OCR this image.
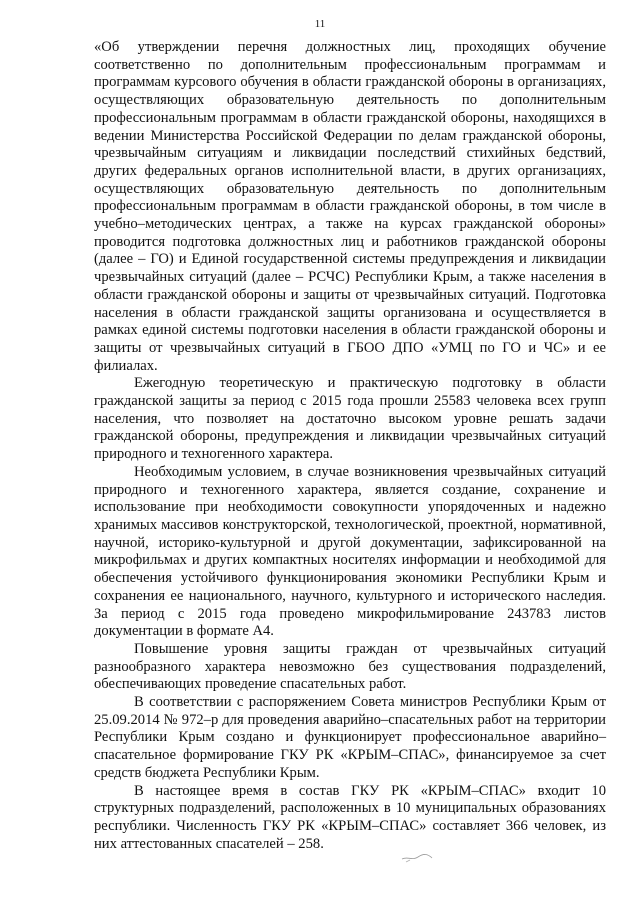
11

«Об утверждении перечня должностных лиц, проходящих обучение соответственно по дополнительным профессиональным программам и программам курсового обучения в области гражданской обороны в организациях, осуществляющих образовательную деятельность по дополнительным профессиональным программам в области гражданской обороны, находящихся в ведении Министерства Российской Федерации по делам гражданской обороны, чрезвычайным ситуациям и ликвидации последствий стихийных бедствий, других федеральных органов исполнительной власти, в других организациях, осуществляющих образовательную деятельность по дополнительным профессиональным программам в области гражданской обороны, в том числе в учебно–методических центрах, а также на курсах гражданской обороны» проводится подготовка должностных лиц и работников гражданской обороны (далее – ГО) и Единой государственной системы предупреждения и ликвидации чрезвычайных ситуаций (далее – РСЧС) Республики Крым, а также населения в области гражданской обороны и защиты от чрезвычайных ситуаций. Подготовка населения в области гражданской защиты организована и осуществляется в рамках единой системы подготовки населения в области гражданской обороны и защиты от чрезвычайных ситуаций в ГБОО ДПО «УМЦ по ГО и ЧС» и ее филиалах.

Ежегодную теоретическую и практическую подготовку в области гражданской защиты за период с 2015 года прошли 25583 человека всех групп населения, что позволяет на достаточно высоком уровне решать задачи гражданской обороны, предупреждения и ликвидации чрезвычайных ситуаций природного и техногенного характера.

Необходимым условием, в случае возникновения чрезвычайных ситуаций природного и техногенного характера, является создание, сохранение и использование при необходимости совокупности упорядоченных и надежно хранимых массивов конструкторской, технологической, проектной, нормативной, научной, историко-культурной и другой документации, зафиксированной на микрофильмах и других компактных носителях информации и необходимой для обеспечения устойчивого функционирования экономики Республики Крым и сохранения ее национального, научного, культурного и исторического наследия. За период с 2015 года проведено микрофильмирование 243783 листов документации в формате А4.

Повышение уровня защиты граждан от чрезвычайных ситуаций разнообразного характера невозможно без существования подразделений, обеспечивающих проведение спасательных работ.

В соответствии с распоряжением Совета министров Республики Крым от 25.09.2014 № 972–р для проведения аварийно–спасательных работ на территории Республики Крым создано и функционирует профессиональное аварийно–спасательное формирование ГКУ РК «КРЫМ–СПАС», финансируемое за счет средств бюджета Республики Крым.

В настоящее время в состав ГКУ РК «КРЫМ–СПАС» входит 10 структурных подразделений, расположенных в 10 муниципальных образованиях республики. Численность ГКУ РК «КРЫМ–СПАС» составляет 366 человек, из них аттестованных спасателей – 258.
